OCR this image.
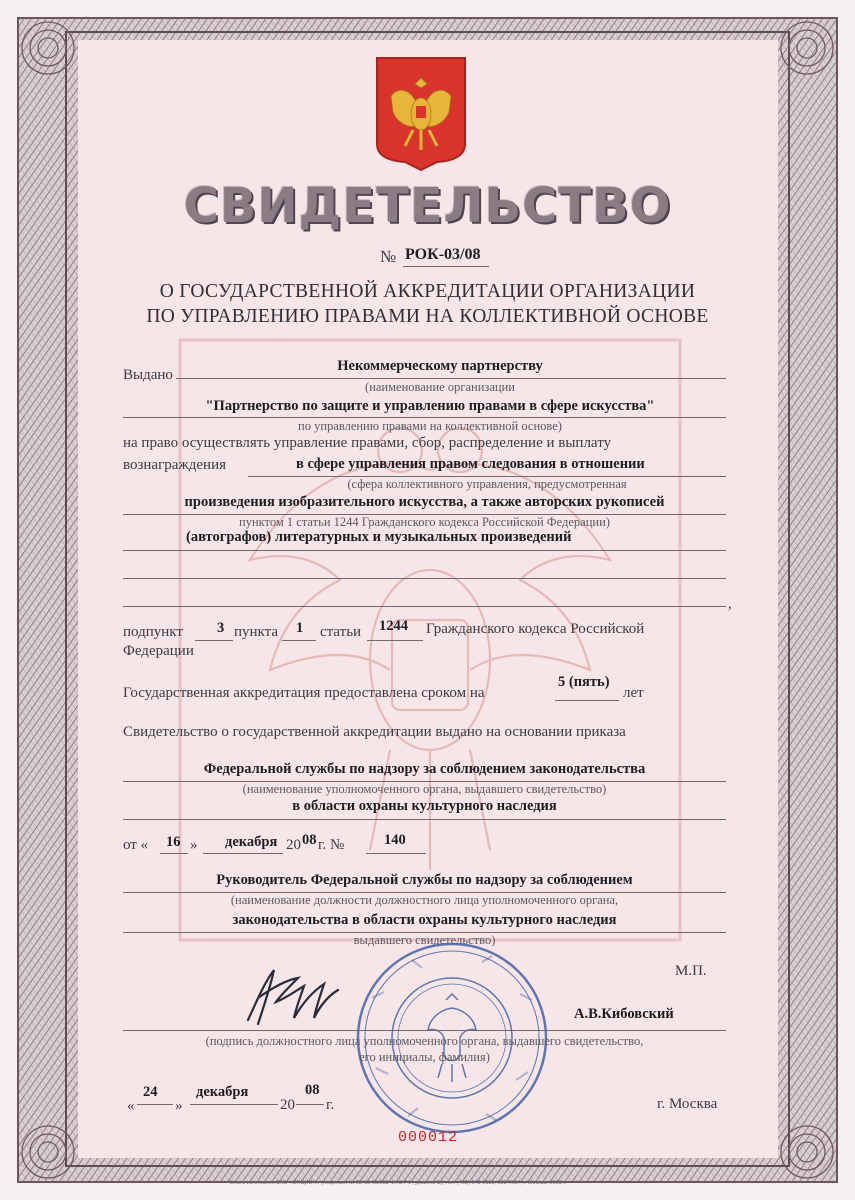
СВИДЕТЕЛЬСТВО
№ РОК-03/08
О ГОСУДАРСТВЕННОЙ АККРЕДИТАЦИИ ОРГАНИЗАЦИИ
ПО УПРАВЛЕНИЮ ПРАВАМИ НА КОЛЛЕКТИВНОЙ ОСНОВЕ
Выдано
Некоммерческому партнерству
(наименование организации
"Партнерство по защите и управлению правами в сфере искусства"
по управлению правами на коллективной основе)
на право осуществлять управление правами, сбор, распределение и выплату
вознаграждения	в сфере управления правом следования в отношении
(сфера коллективного управления, предусмотренная
произведения изобразительного искусства, а также авторских рукописей
пунктом 1 статьи 1244 Гражданского кодекса Российской Федерации)
(автографов) литературных и музыкальных произведений
,
подпункт 3 пункта 1 статьи 1244 Гражданского кодекса Российской
Федерации
Государственная аккредитация предоставлена сроком на
5 (пять)
лет
Свидетельство о государственной аккредитации выдано на основании приказа
Федеральной службы по надзору за соблюдением законодательства
(наименование уполномоченного органа, выдавшего свидетельство)
в области охраны культурного наследия
от « 16 » декабря 20 08 г. №	140
Руководитель Федеральной службы по надзору за соблюдением
(наименование должности должностного лица уполномоченного органа,
законодательства в области охраны культурного наследия
выдавшего свидетельство)
М.П.
А.В.Кибовский
(подпись должностного лица уполномоченного органа, выдавшего свидетельство,
его инициалы, фамилия)
«
24
»
декабря
20
08
г.	г. Москва
000012
Бланк изготовлен ЗАО «ОПЦИОН» (лицензия № 05-05-09/003 ФНС РФ, уровень В), тел. (495) 648 6088, 608 7617, г. Москва, 2008 г.
